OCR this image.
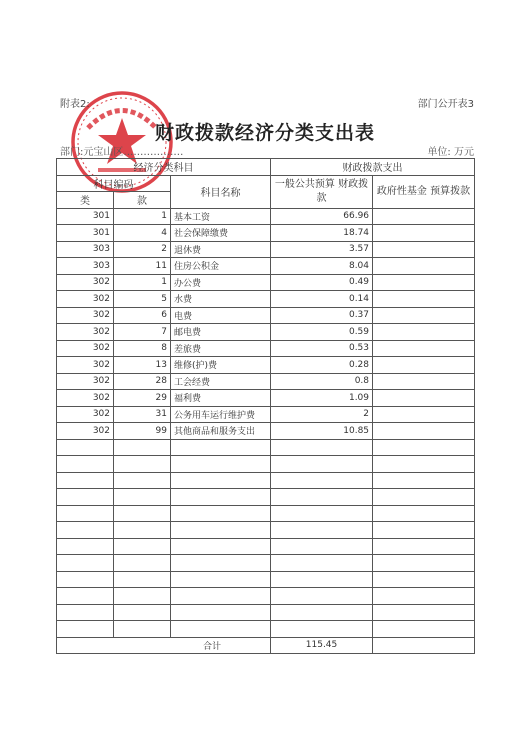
附表2:	部门公开表3
财政拨款经济分类支出表
部门:元宝山区………………	单位: 万元
经济分类科目			财政拨款支出	
科目编码		科目名称	一般公共预算 财政拨款	政府性基金 预算拨款
类	款			
301	1	基本工资	66.96	
301	4	社会保障缴费	18.74	
303	2	退休费	3.57	
303	11	住房公积金	8.04	
302	1	办公费	0.49	
302	5	水费	0.14	
302	6	电费	0.37	
302	7	邮电费	0.59	
302	8	差旅费	0.53	
302	13	维修(护)费	0.28	
302	28	工会经费	0.8	
302	29	福利费	1.09	
302	31	公务用车运行维护费	2	
302	99	其他商品和服务支出	10.85	

合计			115.45	
